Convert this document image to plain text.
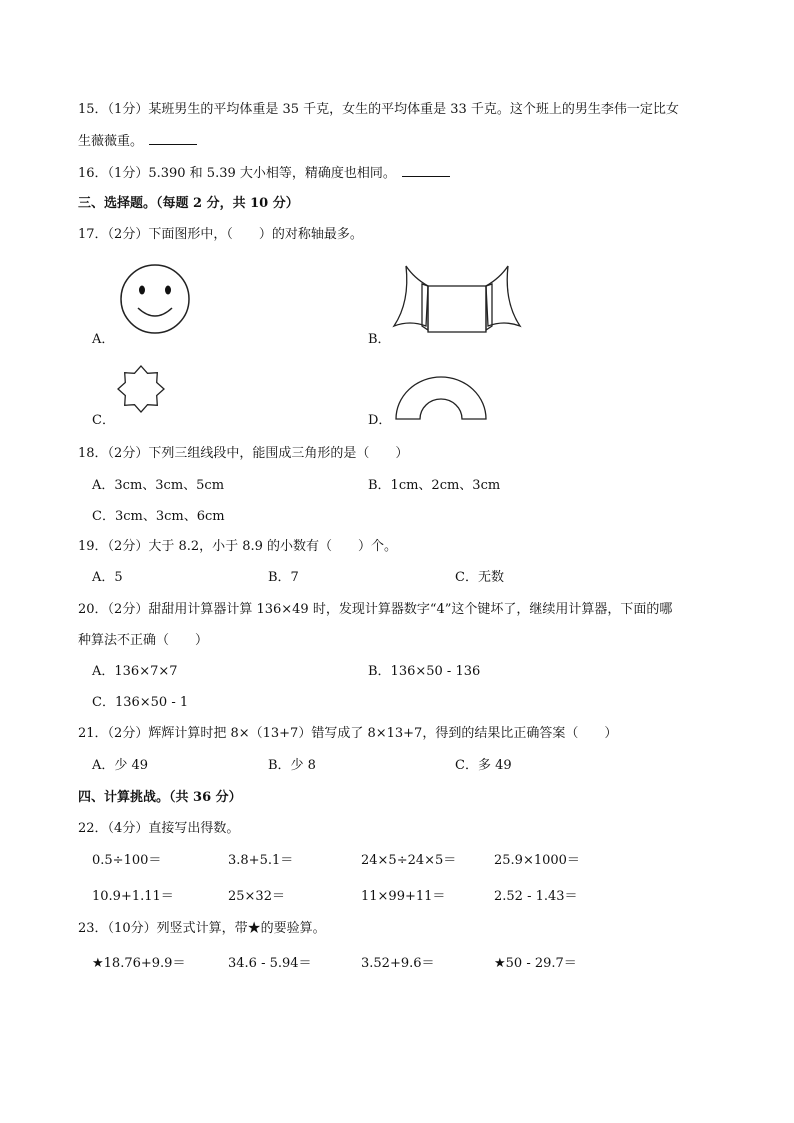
15．（1分）某班男生的平均体重是 35 千克，女生的平均体重是 33 千克。这个班上的男生李伟一定比女
生薇薇重。
16．（1分）5.390 和 5.39 大小相等，精确度也相同。
三、选择题。（每题 2 分，共 10 分）
17．（2分）下面图形中，（　　）的对称轴最多。
A．	B．
C．	D．
18．（2分）下列三组线段中，能围成三角形的是（　　）
A．3cm、3cm、5cm	B．1cm、2cm、3cm
C．3cm、3cm、6cm
19．（2分）大于 8.2，小于 8.9 的小数有（　　）个。
A．5	B．7	C．无数
20．（2分）甜甜用计算器计算 136×49 时，发现计算器数字“4”这个键坏了，继续用计算器，下面的哪
种算法不正确（　　）
A．136×7×7	B．136×50 - 136
C．136×50 - 1
21．（2分）辉辉计算时把 8×（13+7）错写成了 8×13+7，得到的结果比正确答案（　　）
A．少 49	B．少 8	C．多 49
四、计算挑战。（共 36 分）
22．（4分）直接写出得数。
0.5÷100＝	3.8+5.1＝	24×5÷24×5＝	25.9×1000＝
10.9+1.11＝	25×32＝	11×99+11＝	2.52 - 1.43＝
23．（10分）列竖式计算，带★的要验算。
★18.76+9.9＝	34.6 - 5.94＝	3.52+9.6＝	★50 - 29.7＝
